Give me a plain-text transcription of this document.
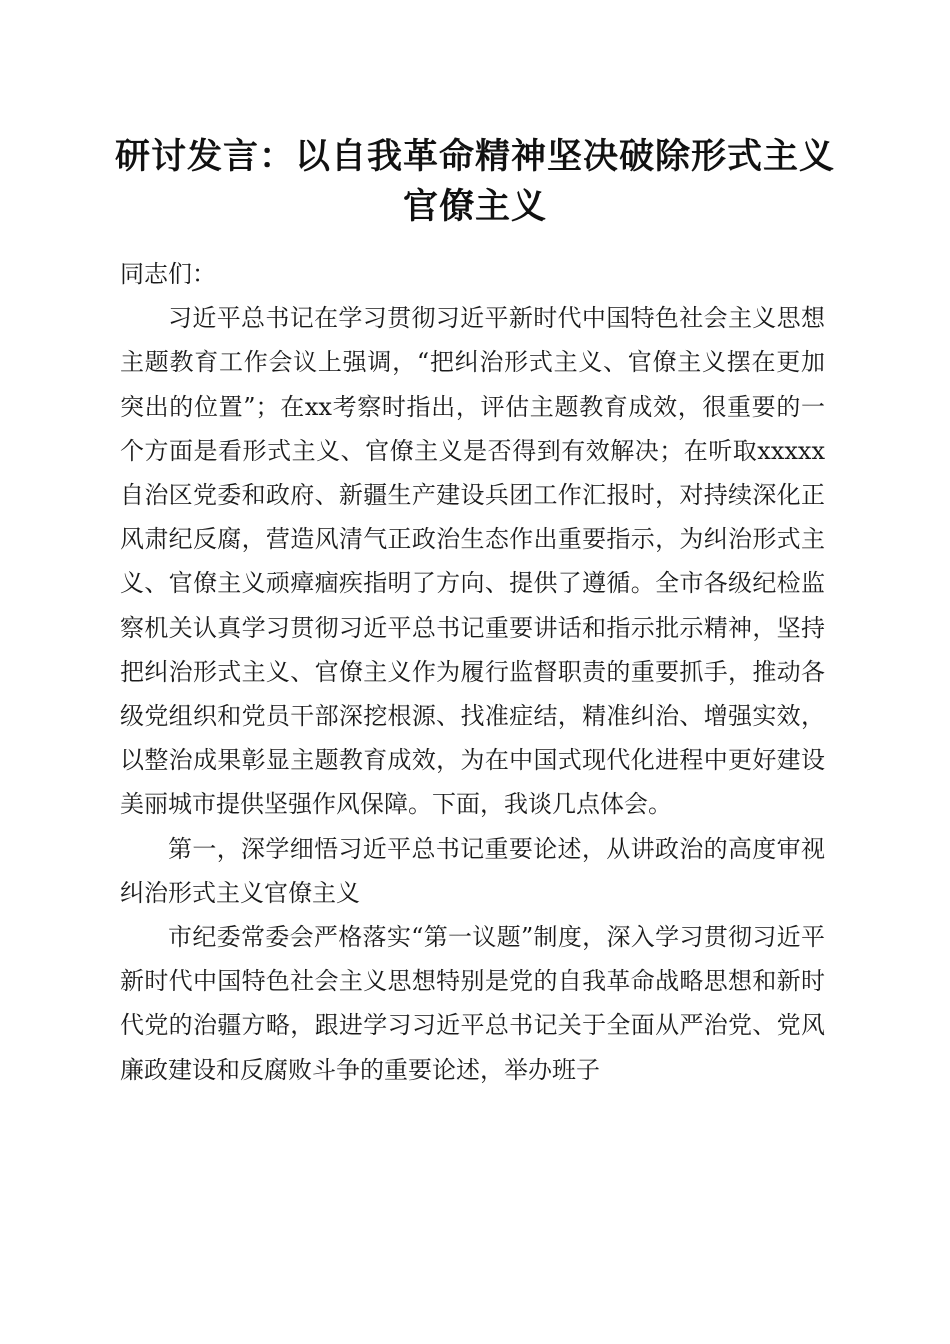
研讨发言：以自我革命精神坚决破除形式主义
官僚主义

同志们：

习近平总书记在学习贯彻习近平新时代中国特色社会主义思想主题教育工作会议上强调，“把纠治形式主义、官僚主义摆在更加突出的位置”；在xx考察时指出，评估主题教育成效，很重要的一个方面是看形式主义、官僚主义是否得到有效解决；在听取xxxxx自治区党委和政府、新疆生产建设兵团工作汇报时，对持续深化正风肃纪反腐，营造风清气正政治生态作出重要指示，为纠治形式主义、官僚主义顽瘴痼疾指明了方向、提供了遵循。全市各级纪检监察机关认真学习贯彻习近平总书记重要讲话和指示批示精神，坚持把纠治形式主义、官僚主义作为履行监督职责的重要抓手，推动各级党组织和党员干部深挖根源、找准症结，精准纠治、增强实效，以整治成果彰显主题教育成效，为在中国式现代化进程中更好建设美丽城市提供坚强作风保障。下面，我谈几点体会。

第一，深学细悟习近平总书记重要论述，从讲政治的高度审视纠治形式主义官僚主义

市纪委常委会严格落实“第一议题”制度，深入学习贯彻习近平新时代中国特色社会主义思想特别是党的自我革命战略思想和新时代党的治疆方略，跟进学习习近平总书记关于全面从严治党、党风廉政建设和反腐败斗争的重要论述，举办班子
